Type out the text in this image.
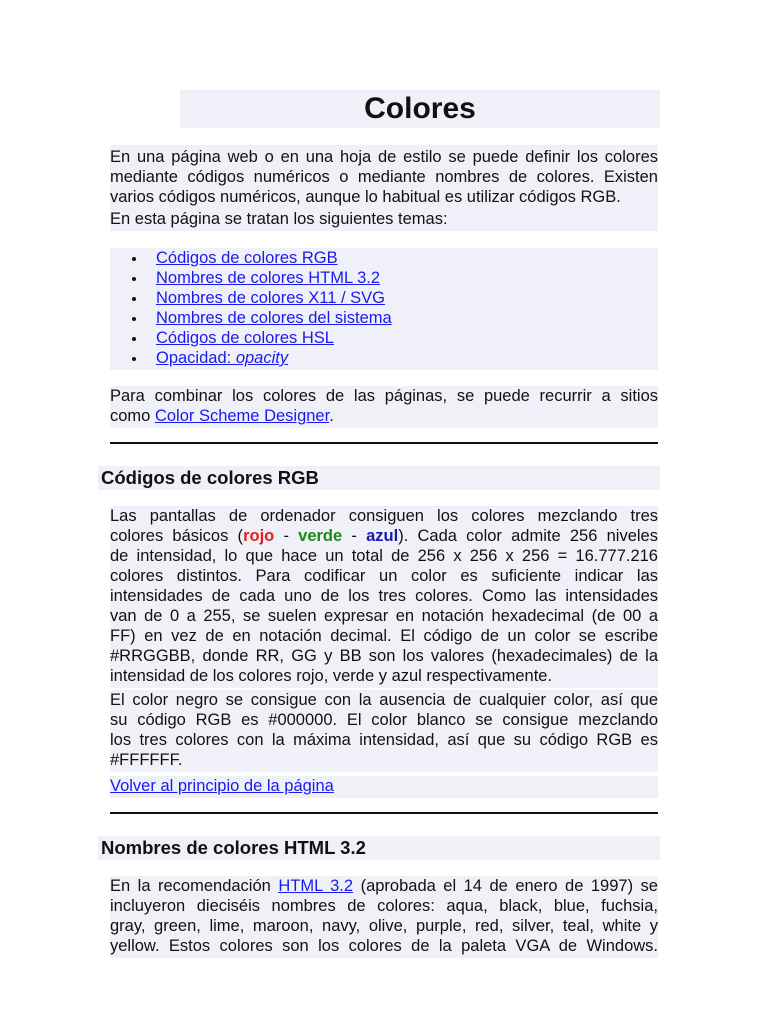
Colores
En una página web o en una hoja de estilo se puede definir los colores
mediante códigos numéricos o mediante nombres de colores. Existen
varios códigos numéricos, aunque lo habitual es utilizar códigos RGB.
En esta página se tratan los siguientes temas:
Códigos de colores RGB
Nombres de colores HTML 3.2
Nombres de colores X11 / SVG
Nombres de colores del sistema
Códigos de colores HSL
Opacidad: opacity
Para combinar los colores de las páginas, se puede recurrir a sitios
como Color Scheme Designer.
Códigos de colores RGB
Las pantallas de ordenador consiguen los colores mezclando tres
colores básicos (rojo - verde - azul). Cada color admite 256 niveles
de intensidad, lo que hace un total de 256 x 256 x 256 = 16.777.216
colores distintos. Para codificar un color es suficiente indicar las
intensidades de cada uno de los tres colores. Como las intensidades
van de 0 a 255, se suelen expresar en notación hexadecimal (de 00 a
FF) en vez de en notación decimal. El código de un color se escribe
#RRGGBB, donde RR, GG y BB son los valores (hexadecimales) de la
intensidad de los colores rojo, verde y azul respectivamente.
El color negro se consigue con la ausencia de cualquier color, así que
su código RGB es #000000. El color blanco se consigue mezclando
los tres colores con la máxima intensidad, así que su código RGB es
#FFFFFF.
Volver al principio de la página
Nombres de colores HTML 3.2
En la recomendación HTML 3.2 (aprobada el 14 de enero de 1997) se
incluyeron dieciséis nombres de colores: aqua, black, blue, fuchsia,
gray, green, lime, maroon, navy, olive, purple, red, silver, teal, white y
yellow. Estos colores son los colores de la paleta VGA de Windows.
